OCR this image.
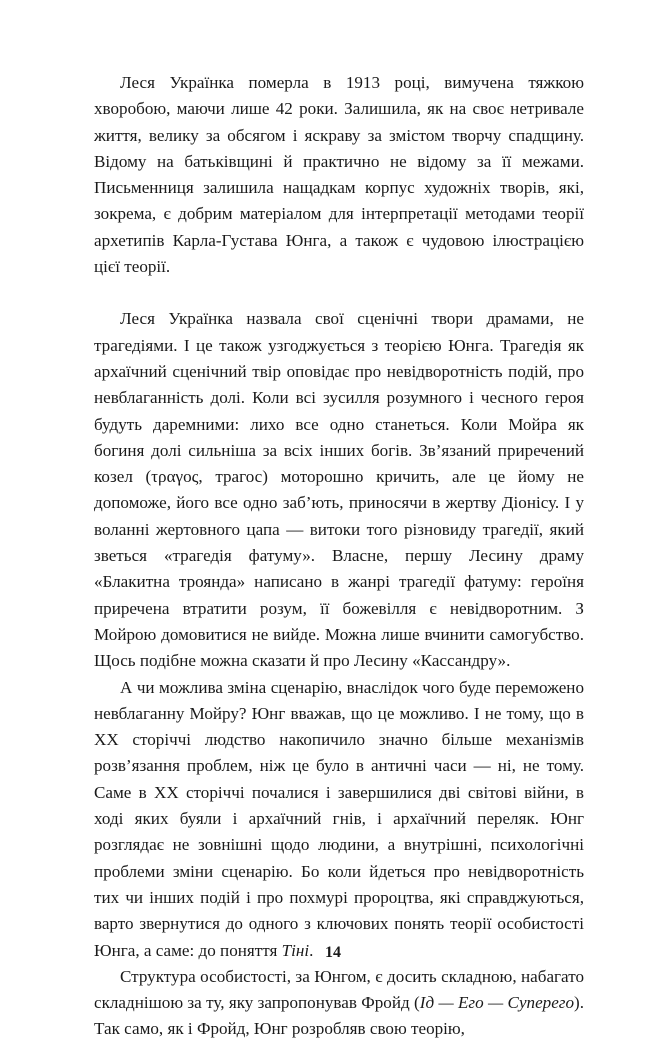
Леся Українка померла в 1913 році, вимучена тяжкою хворобою, маючи лише 42 роки. Залишила, як на своє нетривале життя, велику за обсягом і яскраву за змістом творчу спадщину. Відому на батьківщині й практично не відому за її межами. Письменниця залишила нащадкам корпус художніх творів, які, зокрема, є добрим матеріалом для інтерпретації методами теорії архетипів Карла-Густава Юнга, а також є чудовою ілюстрацією цієї теорії.

Леся Українка назвала свої сценічні твори драмами, не трагедіями. І це також узгоджується з теорією Юнга. Трагедія як архаїчний сценічний твір оповідає про невідворотність подій, про невблаганність долі. Коли всі зусилля розумного і чесного героя будуть даремними: лихо все одно станеться. Коли Мойра як богиня долі сильніша за всіх інших богів. Зв’язаний приречений козел (τραγος, трагос) моторошно кричить, але це йому не допоможе, його все одно заб’ють, приносячи в жертву Діонісу. І у воланні жертовного цапа — витоки того різновиду трагедії, який зветься «трагедія фатуму». Власне, першу Лесину драму «Блакитна троянда» написано в жанрі трагедії фатуму: героїня приречена втратити розум, її божевілля є невідворотним. З Мойрою домовитися не вийде. Можна лише вчинити самогубство. Щось подібне можна сказати й про Лесину «Кассандру».

А чи можлива зміна сценарію, внаслідок чого буде переможено невблаганну Мойру? Юнг вважав, що це можливо. І не тому, що в ХХ сторіччі людство накопичило значно більше механізмів розв’язання проблем, ніж це було в античні часи — ні, не тому. Саме в ХХ сторіччі почалися і завершилися дві світові війни, в ході яких буяли і архаїчний гнів, і архаїчний переляк. Юнг розглядає не зовнішні щодо людини, а внутрішні, психологічні проблеми зміни сценарію. Бо коли йдеться про невідворотність тих чи інших подій і про похмурі пророцтва, які справджуються, варто звернутися до одного з ключових понять теорії особистості Юнга, а саме: до поняття Тіні.

Структура особистості, за Юнгом, є досить складною, набагато складнішою за ту, яку запропонував Фройд (Ід — Его — Суперего). Так само, як і Фройд, Юнг розробляв свою теорію,

14
